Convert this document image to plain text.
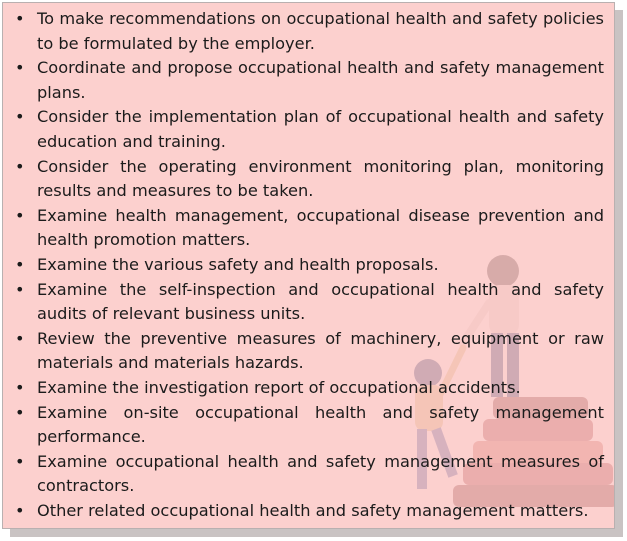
• To make recommendations on occupational health and safety policies to be formulated by the employer.
• Coordinate and propose occupational health and safety management plans.
• Consider the implementation plan of occupational health and safety education and training.
• Consider the operating environment monitoring plan, monitoring results and measures to be taken.
• Examine health management, occupational disease prevention and health promotion matters.
• Examine the various safety and health proposals.
• Examine the self-inspection and occupational health and safety audits of relevant business units.
• Review the preventive measures of machinery, equipment or raw materials and materials hazards.
• Examine the investigation report of occupational accidents.
• Examine on-site occupational health and safety management performance.
• Examine occupational health and safety management measures of contractors.
• Other related occupational health and safety management matters.
